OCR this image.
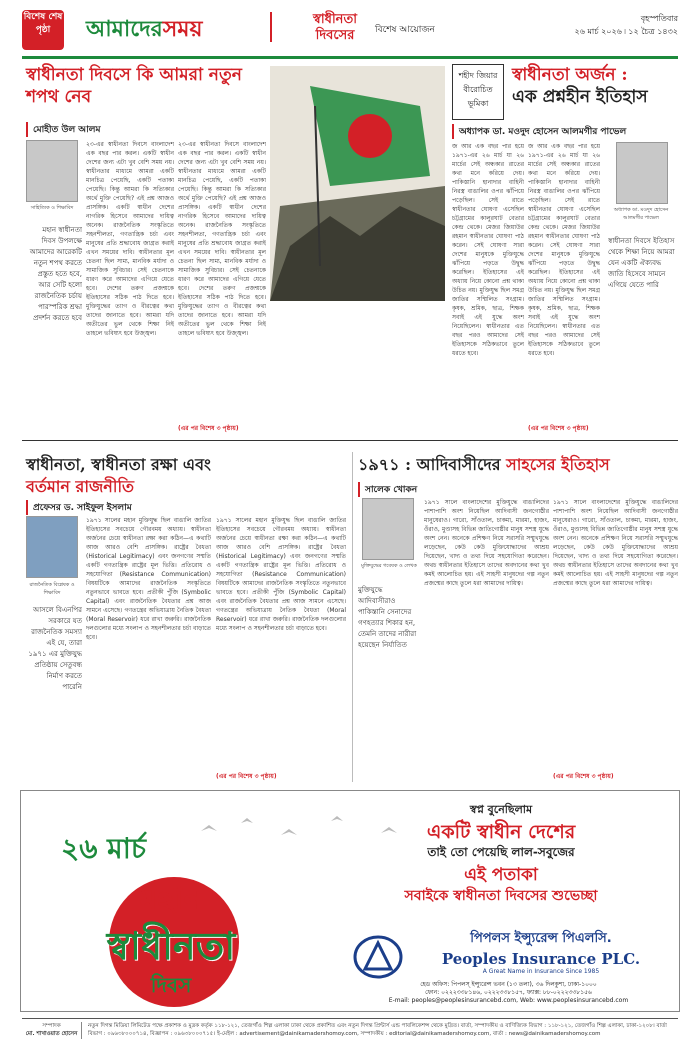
বিশেষ শেষ পৃষ্ঠা	আমাদেরসময়	স্বাধীনতা দিবসের	বিশেষ আয়োজন
বৃহস্পতিবার
২৬ মার্চ ২০২৬ ৷ ১২ চৈত্র ১৪৩২
স্বাধীনতা দিবসে কি আমরা নতুন শপথ নেব
মোহীত উল আলম
সাহিত্যিক ও শিক্ষাবিদ
মহান স্বাধীনতা দিবস উপলক্ষে আমাদের আরেকটি নতুন শপথ করতে প্রস্তুত হতে হবে, আর সেটি হলো রাজনৈতিক চর্চায় পারস্পরিক শ্রদ্ধা প্রদর্শন করতে হবে
২৩-এর স্বাধীনতা দিবসে বাংলাদেশ এক বছর পার করল। একটি স্বাধীন দেশের জন্য এটা খুব বেশি সময় নয়। স্বাধীনতার মাধ্যমে আমরা একটি মানচিত্র পেয়েছি, একটি পতাকা পেয়েছি। কিন্তু আমরা কি সত্যিকার অর্থে মুক্তি পেয়েছি? এই প্রশ্ন আজও প্রাসঙ্গিক। একটি স্বাধীন দেশের নাগরিক হিসেবে আমাদের দায়িত্ব অনেক। রাজনৈতিক সংস্কৃতিতে সহনশীলতা, গণতান্ত্রিক চর্চা এবং মানুষের প্রতি শ্রদ্ধাবোধ জাগ্রত করাই এখন সময়ের দাবি। স্বাধীনতার মূল চেতনা ছিল সাম্য, মানবিক মর্যাদা ও সামাজিক সুবিচার। সেই চেতনাকে ধারণ করে আমাদের এগিয়ে যেতে হবে। দেশের তরুণ প্রজন্মকে ইতিহাসের সঠিক পাঠ দিতে হবে। মুক্তিযুদ্ধের ত্যাগ ও বীরত্বের কথা তাদের জানাতে হবে। আমরা যদি অতীতের ভুল থেকে শিক্ষা নিই তাহলে ভবিষ্যৎ হবে উজ্জ্বল।
২৩-এর স্বাধীনতা দিবসে বাংলাদেশ এক বছর পার করল। একটি স্বাধীন দেশের জন্য এটা খুব বেশি সময় নয়। স্বাধীনতার মাধ্যমে আমরা একটি মানচিত্র পেয়েছি, একটি পতাকা পেয়েছি। কিন্তু আমরা কি সত্যিকার অর্থে মুক্তি পেয়েছি? এই প্রশ্ন আজও প্রাসঙ্গিক। একটি স্বাধীন দেশের নাগরিক হিসেবে আমাদের দায়িত্ব অনেক। রাজনৈতিক সংস্কৃতিতে সহনশীলতা, গণতান্ত্রিক চর্চা এবং মানুষের প্রতি শ্রদ্ধাবোধ জাগ্রত করাই এখন সময়ের দাবি। স্বাধীনতার মূল চেতনা ছিল সাম্য, মানবিক মর্যাদা ও সামাজিক সুবিচার। সেই চেতনাকে ধারণ করে আমাদের এগিয়ে যেতে হবে। দেশের তরুণ প্রজন্মকে ইতিহাসের সঠিক পাঠ দিতে হবে। মুক্তিযুদ্ধের ত্যাগ ও বীরত্বের কথা তাদের জানাতে হবে। আমরা যদি অতীতের ভুল থেকে শিক্ষা নিই তাহলে ভবিষ্যৎ হবে উজ্জ্বল।
(এর পর বিশেষ ৩ পৃষ্ঠায়)
শহীদ জিয়ার বীরোচিত ভূমিকা
স্বাধীনতা অর্জন :
এক প্রশ্নহীন ইতিহাস
অধ্যাপক ডা. মওদুদ হোসেন আলমগীর পাভেল
জ আর এক বছর পার হয়ে ১৯৭১-এর ২৬ মার্চ যা ২৬ মার্চের সেই অন্ধকার রাতের কথা মনে করিয়ে দেয়। পাকিস্তানি হানাদার বাহিনী নিরস্ত্র বাঙালির ওপর ঝাঁপিয়ে পড়েছিল। সেই রাতে স্বাধীনতার ঘোষণা এসেছিল চট্টগ্রামের কালুরঘাট বেতার কেন্দ্র থেকে। মেজর জিয়াউর রহমান স্বাধীনতার ঘোষণা পাঠ করেন। সেই ঘোষণা সারা দেশের মানুষকে মুক্তিযুদ্ধে ঝাঁপিয়ে পড়তে উদ্বুদ্ধ করেছিল। ইতিহাসের এই অধ্যায় নিয়ে কোনো প্রশ্ন থাকা উচিত নয়। মুক্তিযুদ্ধ ছিল সমগ্র জাতির সম্মিলিত সংগ্রাম। কৃষক, শ্রমিক, ছাত্র, শিক্ষক সবাই এই যুদ্ধে অংশ নিয়েছিলেন। স্বাধীনতার এত বছর পরও আমাদের সেই ইতিহাসকে সঠিকভাবে তুলে ধরতে হবে।
জ আর এক বছর পার হয়ে ১৯৭১-এর ২৬ মার্চ যা ২৬ মার্চের সেই অন্ধকার রাতের কথা মনে করিয়ে দেয়। পাকিস্তানি হানাদার বাহিনী নিরস্ত্র বাঙালির ওপর ঝাঁপিয়ে পড়েছিল। সেই রাতে স্বাধীনতার ঘোষণা এসেছিল চট্টগ্রামের কালুরঘাট বেতার কেন্দ্র থেকে। মেজর জিয়াউর রহমান স্বাধীনতার ঘোষণা পাঠ করেন। সেই ঘোষণা সারা দেশের মানুষকে মুক্তিযুদ্ধে ঝাঁপিয়ে পড়তে উদ্বুদ্ধ করেছিল। ইতিহাসের এই অধ্যায় নিয়ে কোনো প্রশ্ন থাকা উচিত নয়। মুক্তিযুদ্ধ ছিল সমগ্র জাতির সম্মিলিত সংগ্রাম। কৃষক, শ্রমিক, ছাত্র, শিক্ষক সবাই এই যুদ্ধে অংশ নিয়েছিলেন। স্বাধীনতার এত বছর পরও আমাদের সেই ইতিহাসকে সঠিকভাবে তুলে ধরতে হবে।
(এর পর বিশেষ ৩ পৃষ্ঠায়)
অধ্যাপক ডা. মওদুদ হোসেন আলমগীর পাভেল
স্বাধীনতা দিবসে ইতিহাস থেকে শিক্ষা নিয়ে আমরা যেন একটি ঐক্যবদ্ধ জাতি হিসেবে সামনে এগিয়ে যেতে পারি
স্বাধীনতা, স্বাধীনতা রক্ষা এবং
বর্তমান রাজনীতি
প্রফেসর ড. সাইফুল ইসলাম
রাজনৈতিক বিশ্লেষক ও শিক্ষাবিদ
আসলে বিএনপির সরকারে যত রাজনৈতিক সমস্যা এই যে, তারা ১৯৭১ এর মুক্তিযুদ্ধ প্রতিষ্ঠায় সেতুবন্ধ নির্মাণ করতে পারেনি
১৯৭১ সালের মহান মুক্তিযুদ্ধ ছিল বাঙালি জাতির ইতিহাসের সবচেয়ে গৌরবময় অধ্যায়। স্বাধীনতা অর্জনের চেয়ে স্বাধীনতা রক্ষা করা কঠিন—এ কথাটি আজ আরও বেশি প্রাসঙ্গিক। রাষ্ট্রের বৈধতা (Historical Legitimacy) এবং জনগণের সম্মতি একটি গণতান্ত্রিক রাষ্ট্রের মূল ভিত্তি। প্রতিরোধ ও সহযোগিতা (Resistance Communication) বিষয়টিকে আমাদের রাজনৈতিক সংস্কৃতিতে নতুনভাবে ভাবতে হবে। প্রতীকী পুঁজি (Symbolic Capital) এবং রাজনৈতিক বৈধতার প্রশ্ন আজ সামনে এসেছে। গণতন্ত্রের অভিযাত্রায় নৈতিক বৈধতা (Moral Reservoir) ধরে রাখা জরুরি। রাজনৈতিক দলগুলোর মধ্যে সংলাপ ও সহনশীলতার চর্চা বাড়াতে হবে।
১৯৭১ সালের মহান মুক্তিযুদ্ধ ছিল বাঙালি জাতির ইতিহাসের সবচেয়ে গৌরবময় অধ্যায়। স্বাধীনতা অর্জনের চেয়ে স্বাধীনতা রক্ষা করা কঠিন—এ কথাটি আজ আরও বেশি প্রাসঙ্গিক। রাষ্ট্রের বৈধতা (Historical Legitimacy) এবং জনগণের সম্মতি একটি গণতান্ত্রিক রাষ্ট্রের মূল ভিত্তি। প্রতিরোধ ও সহযোগিতা (Resistance Communication) বিষয়টিকে আমাদের রাজনৈতিক সংস্কৃতিতে নতুনভাবে ভাবতে হবে। প্রতীকী পুঁজি (Symbolic Capital) এবং রাজনৈতিক বৈধতার প্রশ্ন আজ সামনে এসেছে। গণতন্ত্রের অভিযাত্রায় নৈতিক বৈধতা (Moral Reservoir) ধরে রাখা জরুরি। রাজনৈতিক দলগুলোর মধ্যে সংলাপ ও সহনশীলতার চর্চা বাড়াতে হবে।
(এর পর বিশেষ ৩ পৃষ্ঠায়)
১৯৭১ : আদিবাসীদের সাহসের ইতিহাস
সালেক খোকন
মুক্তিযুদ্ধের গবেষক ও লেখক
মুক্তিযুদ্ধে আদিবাসীরাও পাকিস্তানি সেনাদের গণহত্যার শিকার হন, তেমনি তাদের নারীরা হয়েছেন নির্যাতিত
১৯৭১ সালে বাংলাদেশের মুক্তিযুদ্ধে বাঙালিদের পাশাপাশি অংশ নিয়েছিল আদিবাসী জনগোষ্ঠীর মানুষেরাও। গারো, সাঁওতাল, চাকমা, মারমা, হাজং, ওঁরাও, মুণ্ডাসহ বিভিন্ন জাতিগোষ্ঠীর মানুষ সশস্ত্র যুদ্ধে অংশ নেন। অনেকে প্রশিক্ষণ নিয়ে সরাসরি সম্মুখযুদ্ধে লড়েছেন, কেউ কেউ মুক্তিযোদ্ধাদের আশ্রয় দিয়েছেন, খাদ্য ও তথ্য দিয়ে সহযোগিতা করেছেন। অথচ স্বাধীনতার ইতিহাসে তাদের অবদানের কথা খুব কমই আলোচিত হয়। এই সাহসী মানুষদের গল্প নতুন প্রজন্মের কাছে তুলে ধরা আমাদের দায়িত্ব।
১৯৭১ সালে বাংলাদেশের মুক্তিযুদ্ধে বাঙালিদের পাশাপাশি অংশ নিয়েছিল আদিবাসী জনগোষ্ঠীর মানুষেরাও। গারো, সাঁওতাল, চাকমা, মারমা, হাজং, ওঁরাও, মুণ্ডাসহ বিভিন্ন জাতিগোষ্ঠীর মানুষ সশস্ত্র যুদ্ধে অংশ নেন। অনেকে প্রশিক্ষণ নিয়ে সরাসরি সম্মুখযুদ্ধে লড়েছেন, কেউ কেউ মুক্তিযোদ্ধাদের আশ্রয় দিয়েছেন, খাদ্য ও তথ্য দিয়ে সহযোগিতা করেছেন। অথচ স্বাধীনতার ইতিহাসে তাদের অবদানের কথা খুব কমই আলোচিত হয়। এই সাহসী মানুষদের গল্প নতুন প্রজন্মের কাছে তুলে ধরা আমাদের দায়িত্ব।
(এর পর বিশেষ ৩ পৃষ্ঠায়)
২৬ মার্চ
মহান
স্বাধীনতা
দিবস
স্বপ্ন বুনেছিলাম
একটি স্বাধীন দেশের
তাই তো পেয়েছি লাল-সবুজের
এই পতাকা
সবাইকে স্বাধীনতা দিবসের শুভেচ্ছা
পিপলস ইন্স্যুরেন্স পিএলসি.
Peoples Insurance PLC.
A Great Name in Insurance Since 1985
হেড অফিস: পিপলস্ ইন্স্যুরেন্স ভবন (১৩ তলা), ৩৬ দিলকুশা, ঢাকা-১০০০
ফোন: ০২২২৩৩৮১৪৬, ০২২২৩৩৮১৫৭, ফ্যাক্স: ৮৮-০২২২৩৩৮১৫৬
E-mail: peoples@peoplesinsurancebd.com, Web: www.peoplesinsurancebd.com
সম্পাদক
মো. শাখাওয়াত হোসেন
নতুন দিগন্ত মিডিয়া লিমিটেড পক্ষে প্রকাশক ও মুদ্রক কর্তৃক ১১৮-১২১, তেজগাঁও শিল্প এলাকা ঢাকা থেকে প্রকাশিত এবং নতুন দিগন্ত প্রিন্টার্স এন্ড পাবলিকেশন্স থেকে মুদ্রিত। বার্তা, সম্পাদকীয় ও বাণিজ্যিক বিভাগ : ১১৮-১২১, তেজগাঁও শিল্প এলাকা, ঢাকা-১২০৮। বার্তা বিভাগ : ০৯৬৩৮০০০৭১৪, বিজ্ঞাপন : ০৯৬৩৮০০০৭১৫। ই-মেইল : advertisement@dainikamadershomoy.com, সম্পাদকীয় : editorial@dainikamadershomoy.com, বার্তা : news@dainikamadershomoy.com
